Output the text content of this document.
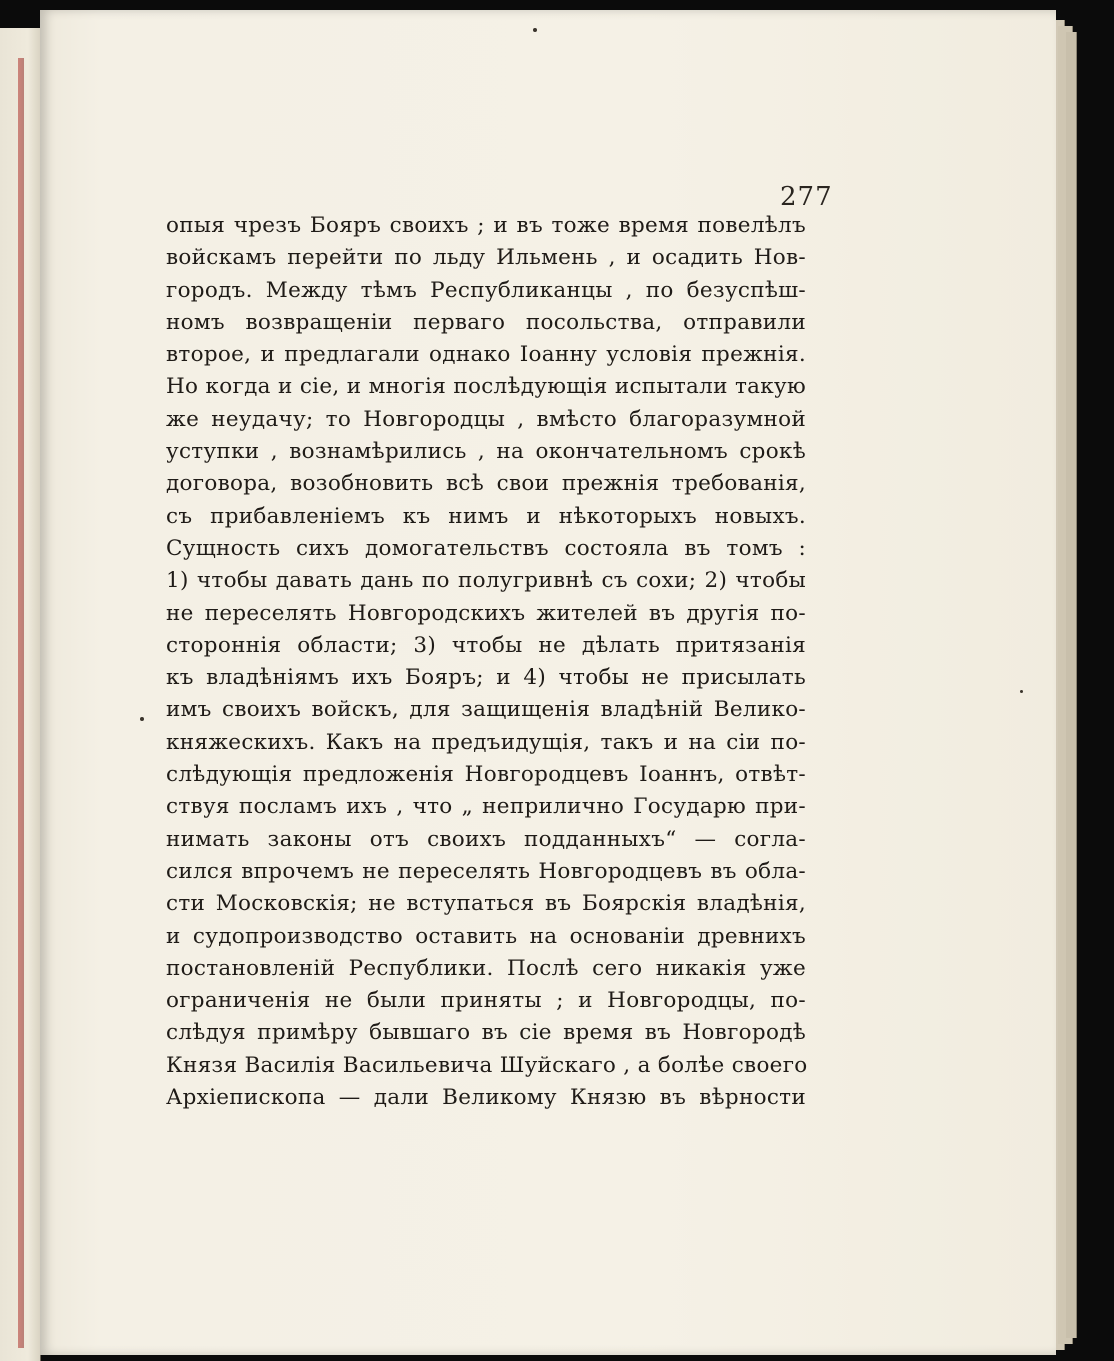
277
опыя чрезъ Бояръ своихъ ; и въ тоже время повелѣлъ
войскамъ перейти по льду Ильмень , и осадить Нов-
городъ. Между тѣмъ Республиканцы , по безуспѣш-
номъ возвращеніи перваго посольства, отправили
второе, и предлагали однако Іоанну условія прежнія.
Но когда и сіе, и многія послѣдующія испытали такую
же неудачу; то Новгородцы , вмѣсто благоразумной
уступки , вознамѣрились , на окончательномъ срокѣ
договора, возобновить всѣ свои прежнія требованія,
съ прибавленіемъ къ нимъ и нѣкоторыхъ новыхъ.
Сущность сихъ домогательствъ состояла въ томъ :
1) чтобы давать дань по полугривнѣ съ сохи; 2) чтобы
не переселять Новгородскихъ жителей въ другія по-
стороннія области; 3) чтобы не дѣлать притязанія
къ владѣніямъ ихъ Бояръ; и 4) чтобы не присылать
имъ своихъ войскъ, для защищенія владѣній Велико-
княжескихъ. Какъ на предъидущія, такъ и на сіи по-
слѣдующія предложенія Новгородцевъ Іоаннъ, отвѣт-
ствуя посламъ ихъ , что „ неприлично Государю при-
нимать законы отъ своихъ подданныхъ“ — согла-
сился впрочемъ не переселять Новгородцевъ въ обла-
сти Московскія; не вступаться въ Боярскія владѣнія,
и судопроизводство оставить на основаніи древнихъ
постановленій Республики. Послѣ сего никакія уже
ограниченія не были приняты ; и Новгородцы, по-
слѣдуя примѣру бывшаго въ сіе время въ Новгородѣ
Князя Василія Васильевича Шуйскаго , а болѣе своего
Архіепископа — дали Великому Князю въ вѣрности
